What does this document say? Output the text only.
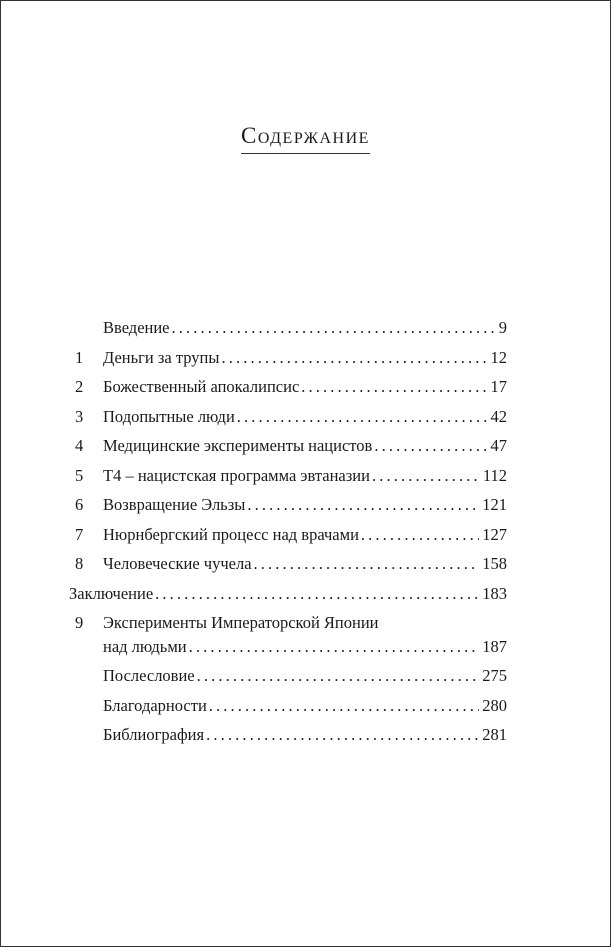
Содержание
Введение . . .	9
1	Деньги за трупы . . .	12
2	Божественный апокалипсис . . .	17
3	Подопытные люди . . .	42
4	Медицинские эксперименты нацистов . . .	47
5	Т4 – нацистская программа эвтаназии . . .	112
6	Возвращение Эльзы . . .	121
7	Нюрнбергский процесс над врачами . . .	127
8	Человеческие чучела . . .	158
Заключение . . .	183
9	Эксперименты Императорской Японии
над людьми . . .	187
Послесловие . . .	275
Благодарности . . .	280
Библиография . . .	281
